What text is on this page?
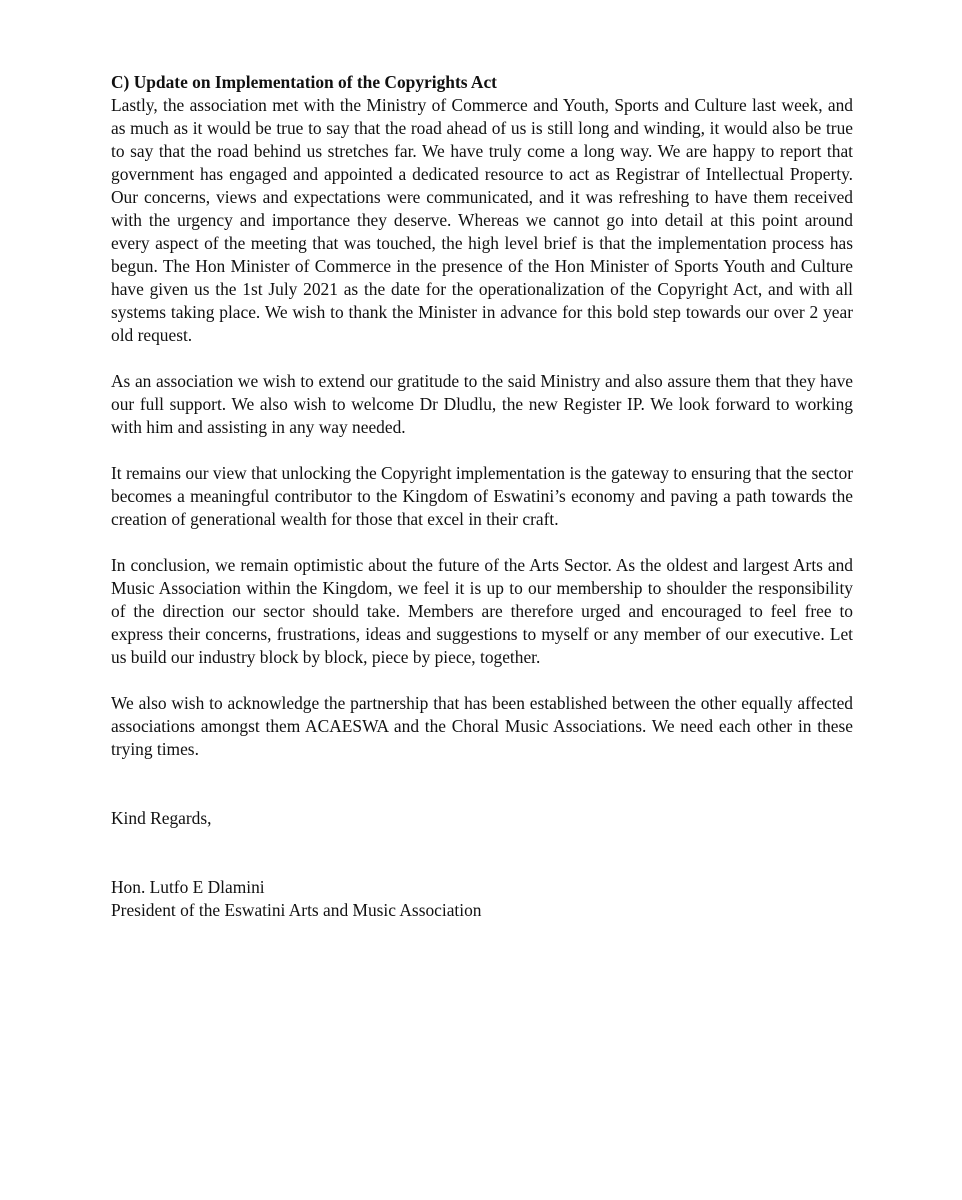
C) Update on Implementation of the Copyrights Act

Lastly, the association met with the Ministry of Commerce and Youth, Sports and Culture last week, and as much as it would be true to say that the road ahead of us is still long and winding, it would also be true to say that the road behind us stretches far. We have truly come a long way. We are happy to report that government has engaged and appointed a dedicated resource to act as Registrar of Intellectual Property. Our concerns, views and expectations were communicated, and it was refreshing to have them received with the urgency and importance they deserve. Whereas we cannot go into detail at this point around every aspect of the meeting that was touched, the high level brief is that the implementation process has begun. The Hon Minister of Commerce in the presence of the Hon Minister of Sports Youth and Culture have given us the 1st July 2021 as the date for the operationalization of the Copyright Act, and with all systems taking place. We wish to thank the Minister in advance for this bold step towards our over 2 year old request.

As an association we wish to extend our gratitude to the said Ministry and also assure them that they have our full support. We also wish to welcome Dr Dludlu, the new Register IP. We look forward to working with him and assisting in any way needed.

It remains our view that unlocking the Copyright implementation is the gateway to ensuring that the sector becomes a meaningful contributor to the Kingdom of Eswatini’s economy and paving a path towards the creation of generational wealth for those that excel in their craft.

In conclusion, we remain optimistic about the future of the Arts Sector. As the oldest and largest Arts and Music Association within the Kingdom, we feel it is up to our membership to shoulder the responsibility of the direction our sector should take. Members are therefore urged and encouraged to feel free to express their concerns, frustrations, ideas and suggestions to myself or any member of our executive. Let us build our industry block by block, piece by piece, together.

We also wish to acknowledge the partnership that has been established between the other equally affected associations amongst them ACAESWA and the Choral Music Associations. We need each other in these trying times.

Kind Regards,

Hon. Lutfo E Dlamini

President of the Eswatini Arts and Music Association
